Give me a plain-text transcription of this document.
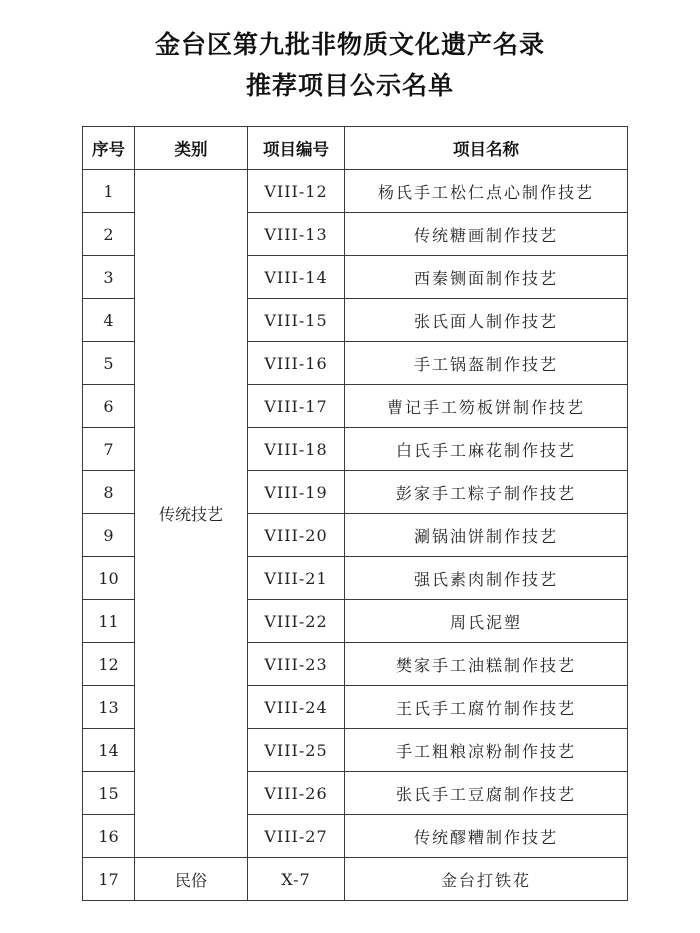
金台区第九批非物质文化遗产名录
推荐项目公示名单
序号	类别	项目编号	项目名称
1	传统技艺	VIII-12	杨氏手工松仁点心制作技艺
2		VIII-13	传统糖画制作技艺
3		VIII-14	西秦铡面制作技艺
4		VIII-15	张氏面人制作技艺
5		VIII-16	手工锅盔制作技艺
6		VIII-17	曹记手工笏板饼制作技艺
7		VIII-18	白氏手工麻花制作技艺
8		VIII-19	彭家手工粽子制作技艺
9		VIII-20	涮锅油饼制作技艺
10		VIII-21	强氏素肉制作技艺
11		VIII-22	周氏泥塑
12		VIII-23	樊家手工油糕制作技艺
13		VIII-24	王氏手工腐竹制作技艺
14		VIII-25	手工粗粮凉粉制作技艺
15		VIII-26	张氏手工豆腐制作技艺
16		VIII-27	传统醪糟制作技艺
17	民俗	X-7	金台打铁花
